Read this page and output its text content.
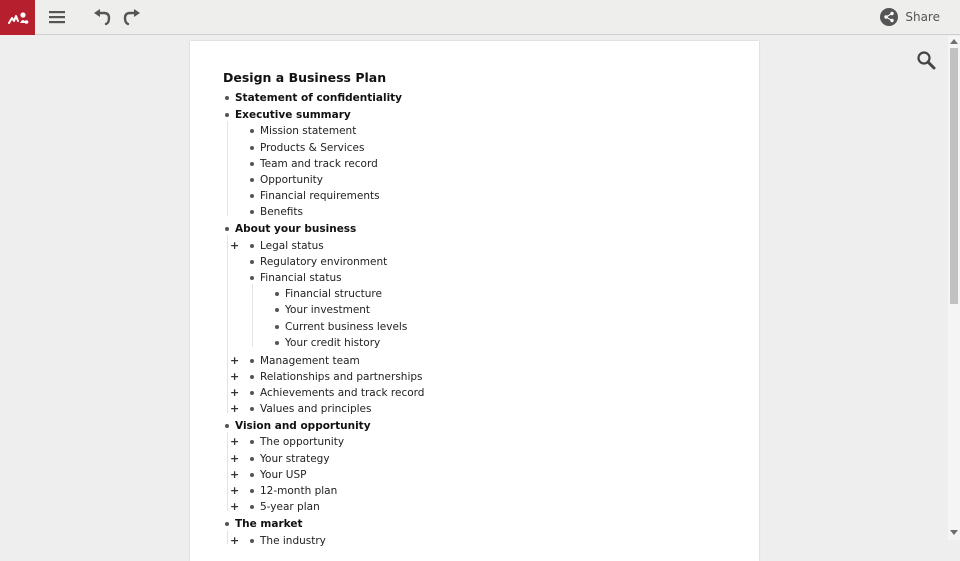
Share
Design a Business Plan
Statement of confidentiality
Executive summary
Mission statement
Products & Services
Team and track record
Opportunity
Financial requirements
Benefits
About your business
+ Legal status
Regulatory environment
Financial status
Financial structure
Your investment
Current business levels
Your credit history
+ Management team
+ Relationships and partnerships
+ Achievements and track record
+ Values and principles
Vision and opportunity
+ The opportunity
+ Your strategy
+ Your USP
+ 12-month plan
+ 5-year plan
The market
+ The industry
